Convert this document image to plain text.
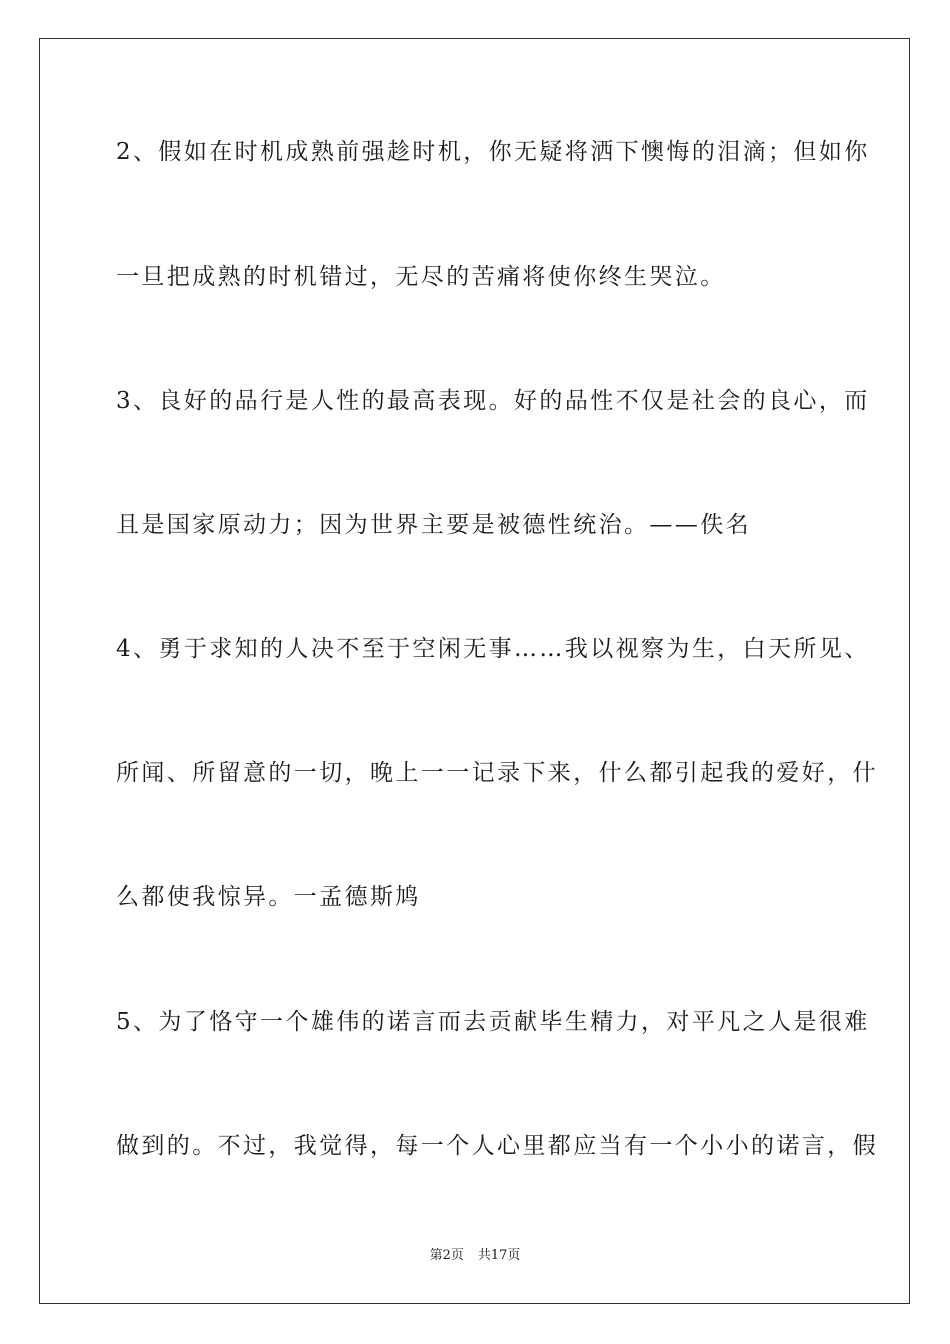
2、假如在时机成熟前强趁时机，你无疑将洒下懊悔的泪滴；但如你
一旦把成熟的时机错过，无尽的苦痛将使你终生哭泣。
3、良好的品行是人性的最高表现。好的品性不仅是社会的良心，而
且是国家原动力；因为世界主要是被德性统治。——佚名
4、勇于求知的人决不至于空闲无事……我以视察为生，白天所见、
所闻、所留意的一切，晚上一一记录下来，什么都引起我的爱好，什
么都使我惊异。一孟德斯鸠
5、为了恪守一个雄伟的诺言而去贡献毕生精力，对平凡之人是很难
做到的。不过，我觉得，每一个人心里都应当有一个小小的诺言，假
第2页 共17页
